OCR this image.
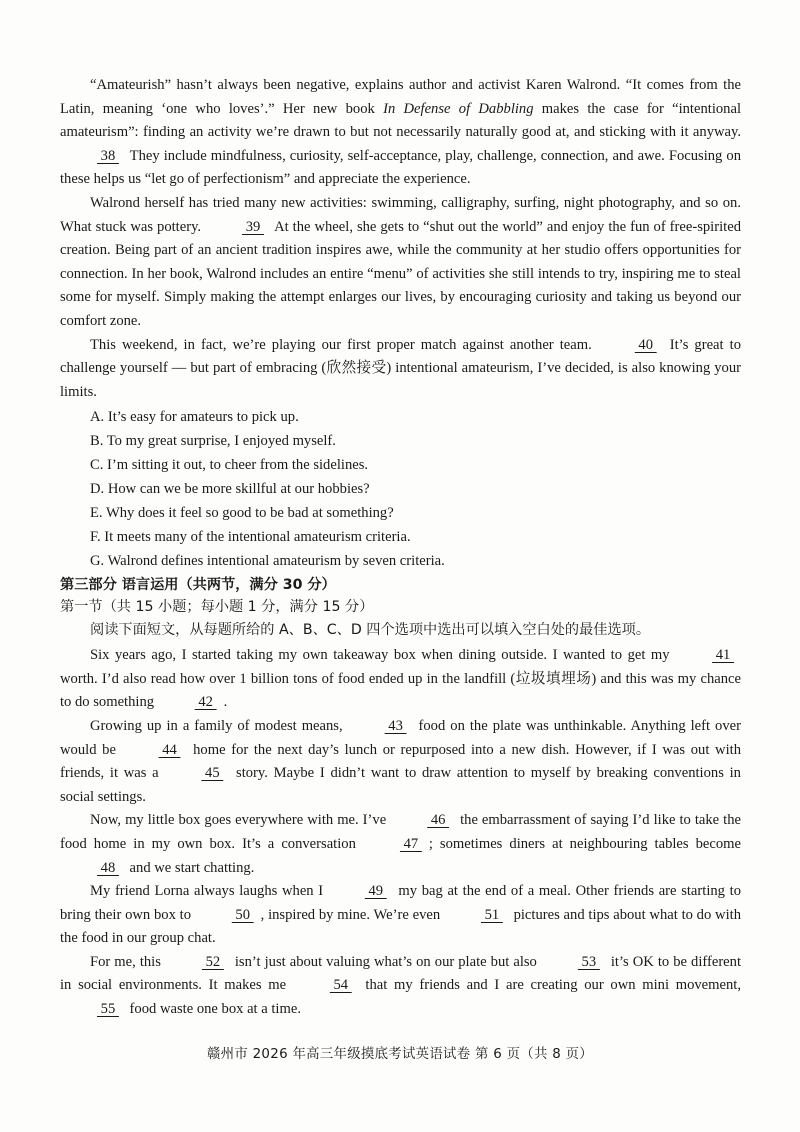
“Amateurish” hasn’t always been negative, explains author and activist Karen Walrond. “It comes from the Latin, meaning ‘one who loves’.” Her new book In Defense of Dabbling makes the case for “intentional amateurism”: finding an activity we’re drawn to but not necessarily naturally good at, and sticking with it anyway.  38  They include mindfulness, curiosity, self-acceptance, play, challenge, connection, and awe. Focusing on these helps us “let go of perfectionism” and appreciate the experience.

Walrond herself has tried many new activities: swimming, calligraphy, surfing, night photography, and so on. What stuck was pottery.	39  At the wheel, she gets to “shut out the world” and enjoy the fun of free-spirited creation. Being part of an ancient tradition inspires awe, while the community at her studio offers opportunities for connection. In her book, Walrond includes an entire “menu” of activities she still intends to try, inspiring me to steal some for myself. Simply making the attempt enlarges our lives, by encouraging curiosity and taking us beyond our comfort zone.

This weekend, in fact, we’re playing our first proper match against another team.	40  It’s great to challenge yourself — but part of embracing (欣然接受) intentional amateurism, I’ve decided, is also knowing your limits.

A. It’s easy for amateurs to pick up.
B. To my great surprise, I enjoyed myself.
C. I’m sitting it out, to cheer from the sidelines.
D. How can we be more skillful at our hobbies?
E. Why does it feel so good to be bad at something?
F. It meets many of the intentional amateurism criteria.
G. Walrond defines intentional amateurism by seven criteria.
第三部分 语言运用（共两节，满分 30 分）
第一节（共 15 小题；每小题 1 分，满分 15 分）
阅读下面短文，从每题所给的 A、B、C、D 四个选项中选出可以填入空白处的最佳选项。

Six years ago, I started taking my own takeaway box when dining outside. I wanted to get my	41  worth. I’d also read how over 1 billion tons of food ended up in the landfill (垃圾填埋场) and this was my chance to do something	42 .

Growing up in a family of modest means,	43  food on the plate was unthinkable. Anything left over would be	44  home for the next day’s lunch or repurposed into a new dish. However, if I was out with friends, it was a	45  story. Maybe I didn’t want to draw attention to myself by breaking conventions in social settings.

Now, my little box goes everywhere with me. I’ve	46  the embarrassment of saying I’d like to take the food home in my own box. It’s a conversation	47 ; sometimes diners at neighbouring tables become  48  and we start chatting.

My friend Lorna always laughs when I	49  my bag at the end of a meal. Other friends are starting to bring their own box to	50 , inspired by mine. We’re even	51  pictures and tips about what to do with the food in our group chat.

For me, this	52  isn’t just about valuing what’s on our plate but also	53  it’s OK to be different in social environments. It makes me	54  that my friends and I are creating our own mini movement,  55  food waste one box at a time.

赣州市 2026 年高三年级摸底考试英语试卷 第 6 页（共 8 页）
